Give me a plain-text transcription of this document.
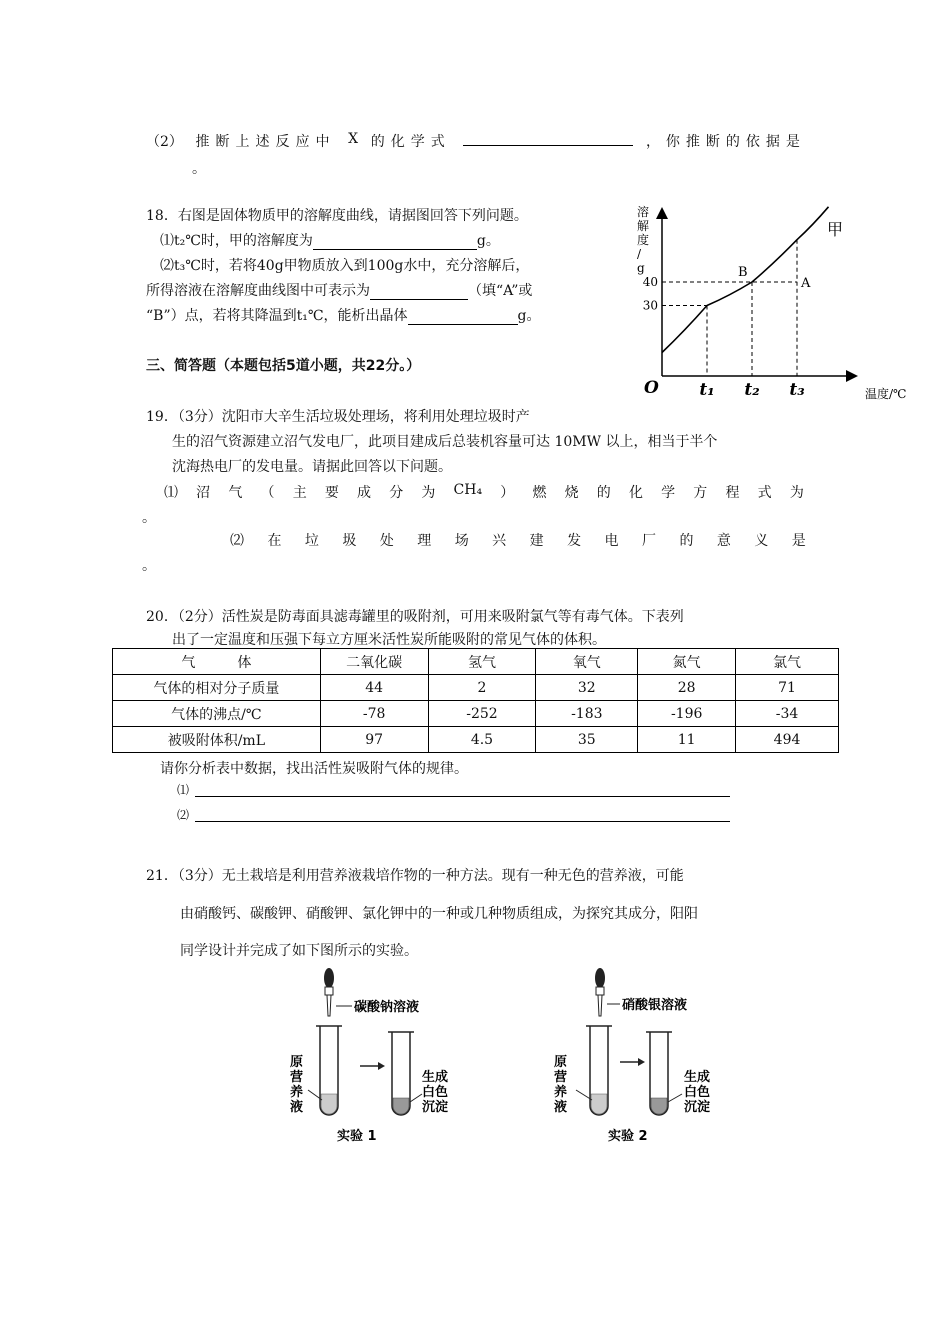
（2） 推断上述反应中 X 的化学式	，你推断的依据是
。
18．右图是固体物质甲的溶解度曲线，请据图回答下列问题。
⑴t₂℃时，甲的溶解度为	g。
⑵t₃℃时，若将40g甲物质放入到100g水中，充分溶解后，
所得溶液在溶解度曲线图中可表示为	（填“A”或
“B”）点，若将其降温到t₁℃，能析出晶体	g。
溶
解
度
/
g
温度/℃
O
甲
30
40
t₁ t₂ t₃
B
A
三、简答题（本题包括5道小题，共22分。）
19．（3分）沈阳市大辛生活垃圾处理场，将利用处理垃圾时产
生的沼气资源建立沼气发电厂，此项目建成后总装机容量可达 10MW 以上，相当于半个
沈海热电厂的发电量。请据此回答以下问题。
⑴ 沼 气 （ 主 要 成 分 为 CH₄ ） 燃 烧 的 化 学 方 程 式 为
。
⑵ 在 垃 圾 处 理 场 兴 建 发 电 厂 的 意 义 是
。
20．（2分）活性炭是防毒面具滤毒罐里的吸附剂，可用来吸附氯气等有毒气体。下表列
出了一定温度和压强下每立方厘米活性炭所能吸附的常见气体的体积。
气　　　体	二氧化碳	氢气	氧气	氮气	氯气
气体的相对分子质量	44	2	32	28	71
气体的沸点/℃	-78	-252	-183	-196	-34
被吸附体积/mL	97	4.5	35	11	494
请你分析表中数据，找出活性炭吸附气体的规律。
⑴
⑵
21．（3分）无土栽培是利用营养液栽培作物的一种方法。现有一种无色的营养液，可能
由硝酸钙、碳酸钾、硝酸钾、氯化钾中的一种或几种物质组成，为探究其成分，阳阳
同学设计并完成了如下图所示的实验。
碳酸钠溶液
原
营
养
液
生成
白色
沉淀
实验 1
硝酸银溶液
原
营
养
液
生成
白色
沉淀
实验 2
